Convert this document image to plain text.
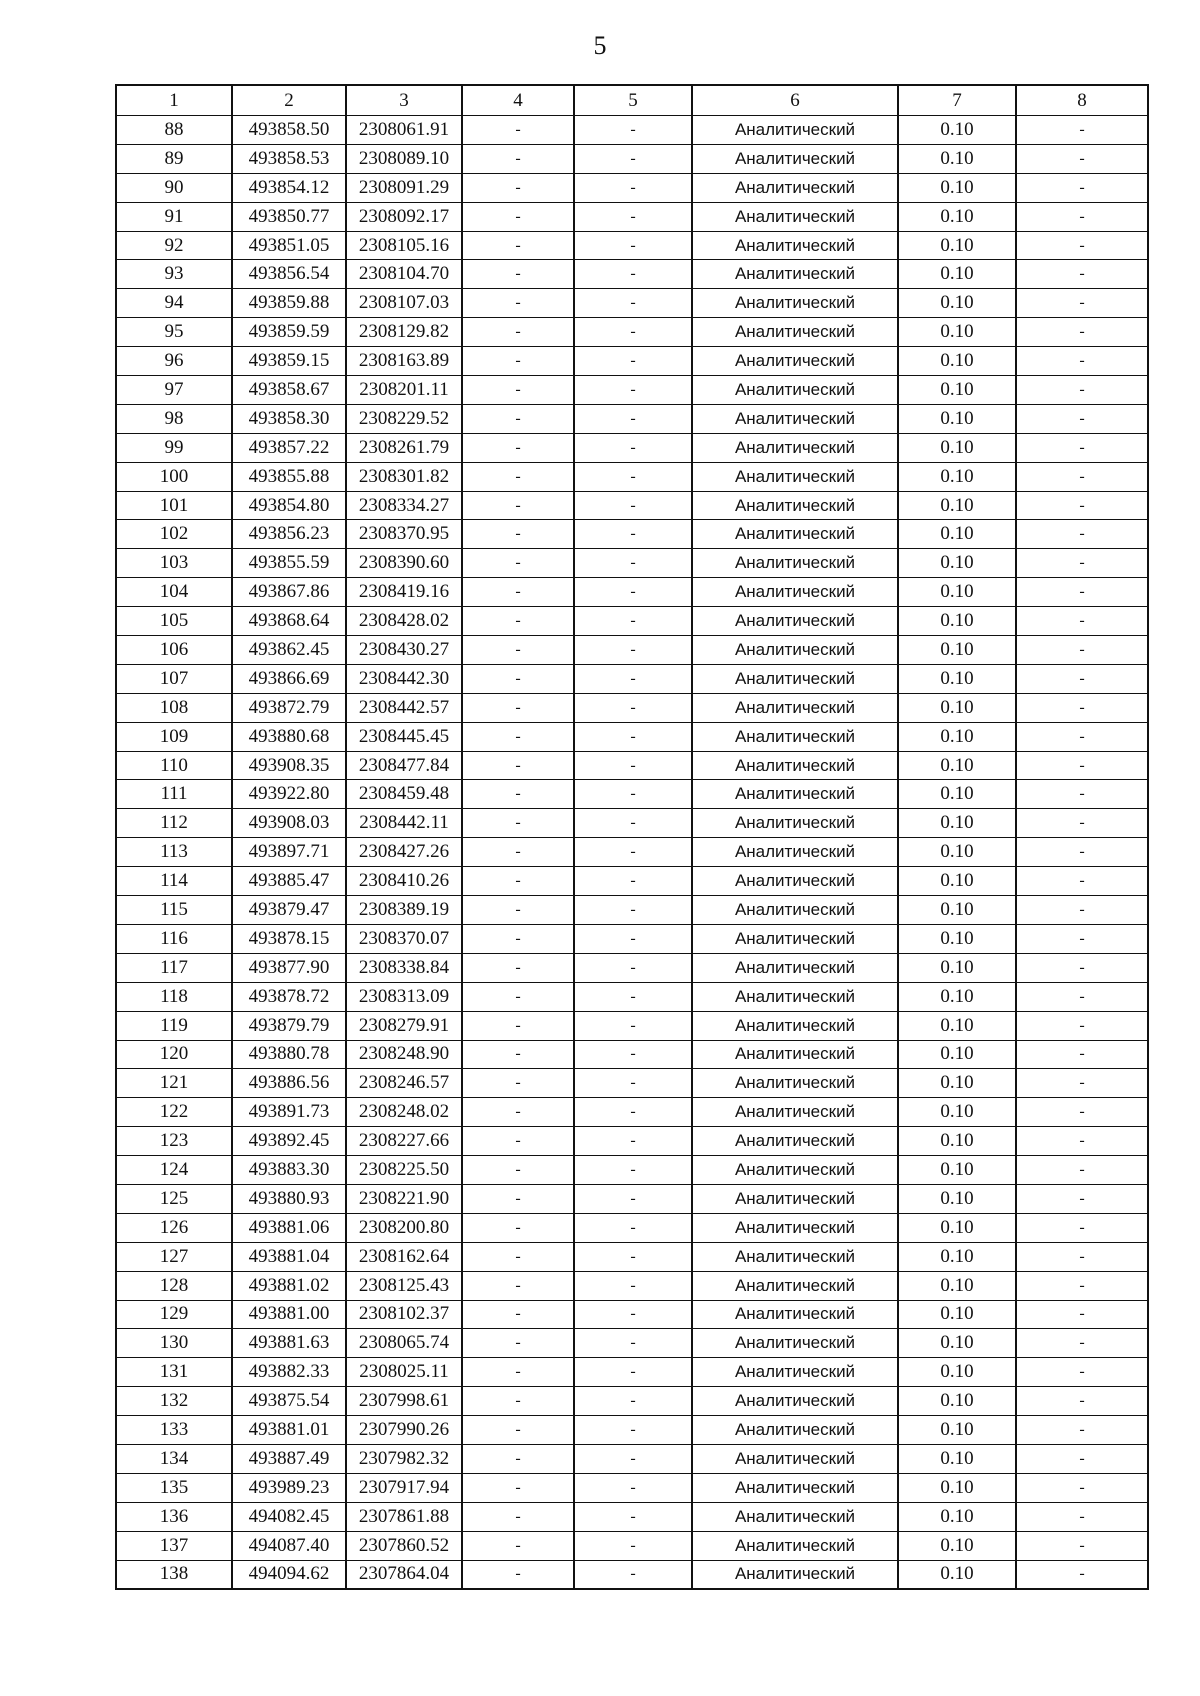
5
1	2	3	4	5	6	7	8
88	493858.50	2308061.91	-	-	Аналитический	0.10	-
89	493858.53	2308089.10	-	-	Аналитический	0.10	-
90	493854.12	2308091.29	-	-	Аналитический	0.10	-
91	493850.77	2308092.17	-	-	Аналитический	0.10	-
92	493851.05	2308105.16	-	-	Аналитический	0.10	-
93	493856.54	2308104.70	-	-	Аналитический	0.10	-
94	493859.88	2308107.03	-	-	Аналитический	0.10	-
95	493859.59	2308129.82	-	-	Аналитический	0.10	-
96	493859.15	2308163.89	-	-	Аналитический	0.10	-
97	493858.67	2308201.11	-	-	Аналитический	0.10	-
98	493858.30	2308229.52	-	-	Аналитический	0.10	-
99	493857.22	2308261.79	-	-	Аналитический	0.10	-
100	493855.88	2308301.82	-	-	Аналитический	0.10	-
101	493854.80	2308334.27	-	-	Аналитический	0.10	-
102	493856.23	2308370.95	-	-	Аналитический	0.10	-
103	493855.59	2308390.60	-	-	Аналитический	0.10	-
104	493867.86	2308419.16	-	-	Аналитический	0.10	-
105	493868.64	2308428.02	-	-	Аналитический	0.10	-
106	493862.45	2308430.27	-	-	Аналитический	0.10	-
107	493866.69	2308442.30	-	-	Аналитический	0.10	-
108	493872.79	2308442.57	-	-	Аналитический	0.10	-
109	493880.68	2308445.45	-	-	Аналитический	0.10	-
110	493908.35	2308477.84	-	-	Аналитический	0.10	-
111	493922.80	2308459.48	-	-	Аналитический	0.10	-
112	493908.03	2308442.11	-	-	Аналитический	0.10	-
113	493897.71	2308427.26	-	-	Аналитический	0.10	-
114	493885.47	2308410.26	-	-	Аналитический	0.10	-
115	493879.47	2308389.19	-	-	Аналитический	0.10	-
116	493878.15	2308370.07	-	-	Аналитический	0.10	-
117	493877.90	2308338.84	-	-	Аналитический	0.10	-
118	493878.72	2308313.09	-	-	Аналитический	0.10	-
119	493879.79	2308279.91	-	-	Аналитический	0.10	-
120	493880.78	2308248.90	-	-	Аналитический	0.10	-
121	493886.56	2308246.57	-	-	Аналитический	0.10	-
122	493891.73	2308248.02	-	-	Аналитический	0.10	-
123	493892.45	2308227.66	-	-	Аналитический	0.10	-
124	493883.30	2308225.50	-	-	Аналитический	0.10	-
125	493880.93	2308221.90	-	-	Аналитический	0.10	-
126	493881.06	2308200.80	-	-	Аналитический	0.10	-
127	493881.04	2308162.64	-	-	Аналитический	0.10	-
128	493881.02	2308125.43	-	-	Аналитический	0.10	-
129	493881.00	2308102.37	-	-	Аналитический	0.10	-
130	493881.63	2308065.74	-	-	Аналитический	0.10	-
131	493882.33	2308025.11	-	-	Аналитический	0.10	-
132	493875.54	2307998.61	-	-	Аналитический	0.10	-
133	493881.01	2307990.26	-	-	Аналитический	0.10	-
134	493887.49	2307982.32	-	-	Аналитический	0.10	-
135	493989.23	2307917.94	-	-	Аналитический	0.10	-
136	494082.45	2307861.88	-	-	Аналитический	0.10	-
137	494087.40	2307860.52	-	-	Аналитический	0.10	-
138	494094.62	2307864.04	-	-	Аналитический	0.10	-
